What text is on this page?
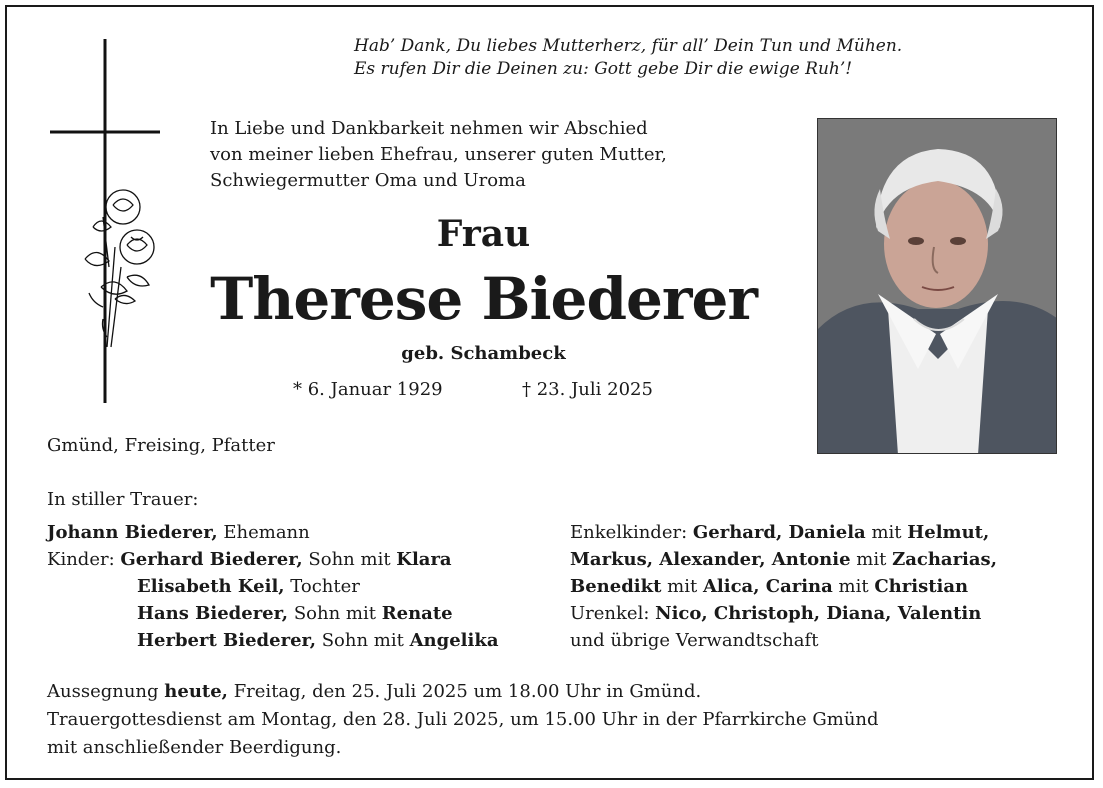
Hab’ Dank, Du liebes Mutterherz, für all’ Dein Tun und Mühen.
Es rufen Dir die Deinen zu: Gott gebe Dir die ewige Ruh’!
In Liebe und Dankbarkeit nehmen wir Abschied
von meiner lieben Ehefrau, unserer guten Mutter,
Schwiegermutter Oma und Uroma
Frau
Therese Biederer
geb. Schambeck
* 6. Januar 1929	† 23. Juli 2025
Gmünd, Freising, Pfatter
In stiller Trauer:
Johann Biederer, Ehemann
Kinder: Gerhard Biederer, Sohn mit Klara
Elisabeth Keil, Tochter
Hans Biederer, Sohn mit Renate
Herbert Biederer, Sohn mit Angelika
Enkelkinder: Gerhard, Daniela mit Helmut,
Markus, Alexander, Antonie mit Zacharias,
Benedikt mit Alica, Carina mit Christian
Urenkel: Nico, Christoph, Diana, Valentin
und übrige Verwandtschaft
Aussegnung heute, Freitag, den 25. Juli 2025 um 18.00 Uhr in Gmünd.
Trauergottesdienst am Montag, den 28. Juli 2025, um 15.00 Uhr in der Pfarrkirche Gmünd
mit anschließender Beerdigung.
